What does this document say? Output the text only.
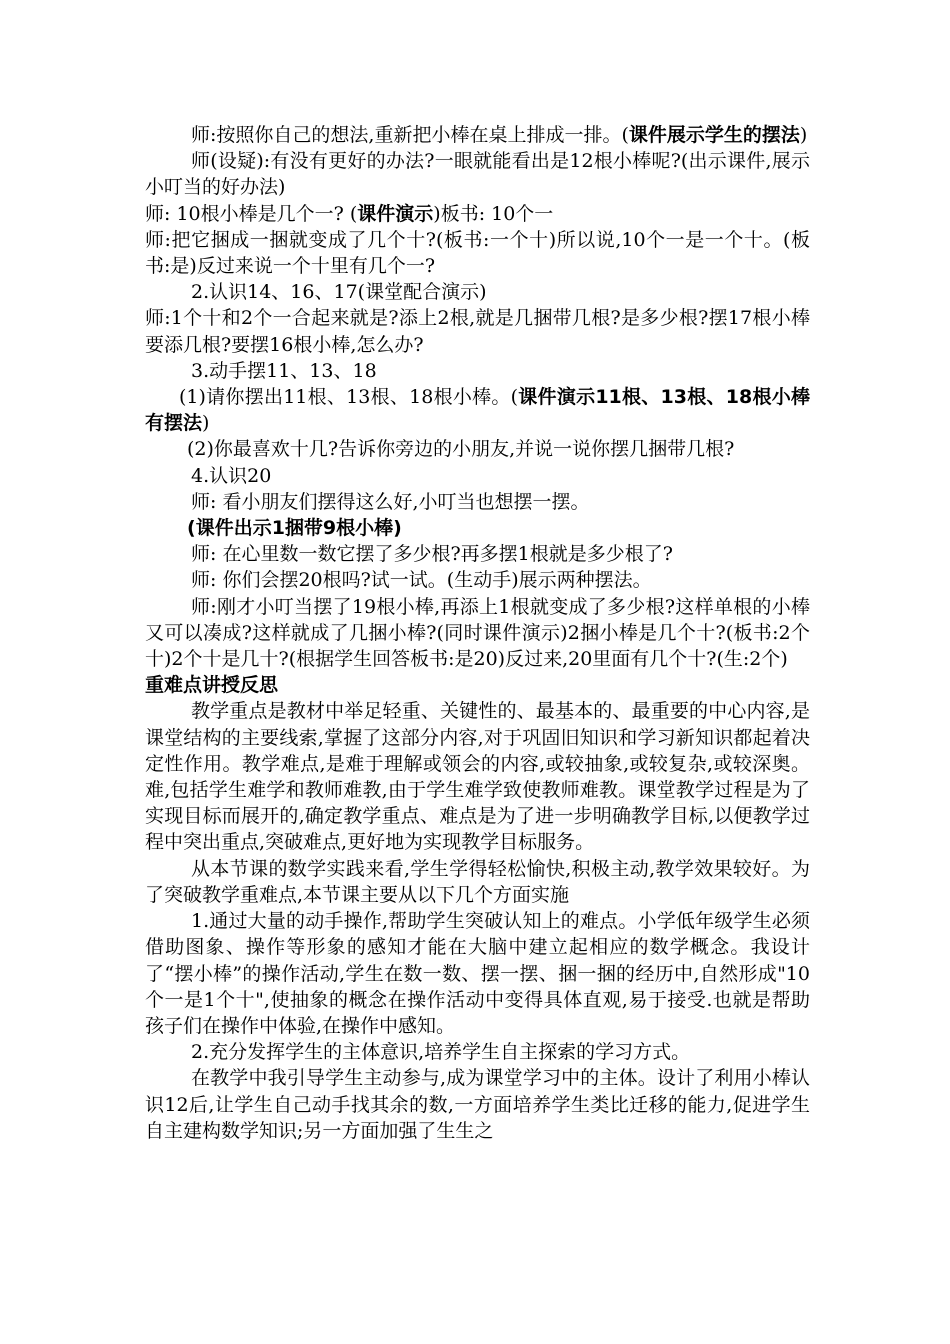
师:按照你自己的想法,重新把小棒在桌上排成一排。(课件展示学生的摆法)

师(设疑):有没有更好的办法?一眼就能看出是12根小棒呢?(出示课件,展示小叮当的好办法)

师: 10根小棒是几个一? (课件演示)板书: 10个一

师:把它捆成一捆就变成了几个十?(板书:一个十)所以说,10个一是一个十。(板书:是)反过来说一个十里有几个一?

2.认识14、16、17(课堂配合演示)

师:1个十和2个一合起来就是?添上2根,就是几捆带几根?是多少根?摆17根小棒要添几根?要摆16根小棒,怎么办?

3.动手摆11、13、18

(1)请你摆出11根、13根、18根小棒。(课件演示11根、13根、18根小棒有摆法)

(2)你最喜欢十几?告诉你旁边的小朋友,并说一说你摆几捆带几根?

4.认识20

师: 看小朋友们摆得这么好,小叮当也想摆一摆。

(课件出示1捆带9根小棒)

师: 在心里数一数它摆了多少根?再多摆1根就是多少根了?

师: 你们会摆20根吗?试一试。(生动手)展示两种摆法。

师:刚才小叮当摆了19根小棒,再添上1根就变成了多少根?这样单根的小棒又可以凑成?这样就成了几捆小棒?(同时课件演示)2捆小棒是几个十?(板书:2个十)2个十是几十?(根据学生回答板书:是20)反过来,20里面有几个十?(生:2个)

重难点讲授反思

教学重点是教材中举足轻重、关键性的、最基本的、最重要的中心内容,是课堂结构的主要线索,掌握了这部分内容,对于巩固旧知识和学习新知识都起着决定性作用。教学难点,是难于理解或领会的内容,或较抽象,或较复杂,或较深奥。难,包括学生难学和教师难教,由于学生难学致使教师难教。课堂教学过程是为了实现目标而展开的,确定教学重点、难点是为了进一步明确教学目标,以便教学过程中突出重点,突破难点,更好地为实现教学目标服务。

从本节课的数学实践来看,学生学得轻松愉快,积极主动,教学效果较好。为了突破教学重难点,本节课主要从以下几个方面实施

1.通过大量的动手操作,帮助学生突破认知上的难点。小学低年级学生必须借助图象、操作等形象的感知才能在大脑中建立起相应的数学概念。我设计了“摆小棒”的操作活动,学生在数一数、摆一摆、捆一捆的经历中,自然形成"10个一是1个十",使抽象的概念在操作活动中变得具体直观,易于接受.也就是帮助孩子们在操作中体验,在操作中感知。

2.充分发挥学生的主体意识,培养学生自主探索的学习方式。

在教学中我引导学生主动参与,成为课堂学习中的主体。设计了利用小棒认识12后,让学生自己动手找其余的数,一方面培养学生类比迁移的能力,促进学生自主建构数学知识;另一方面加强了生生之
